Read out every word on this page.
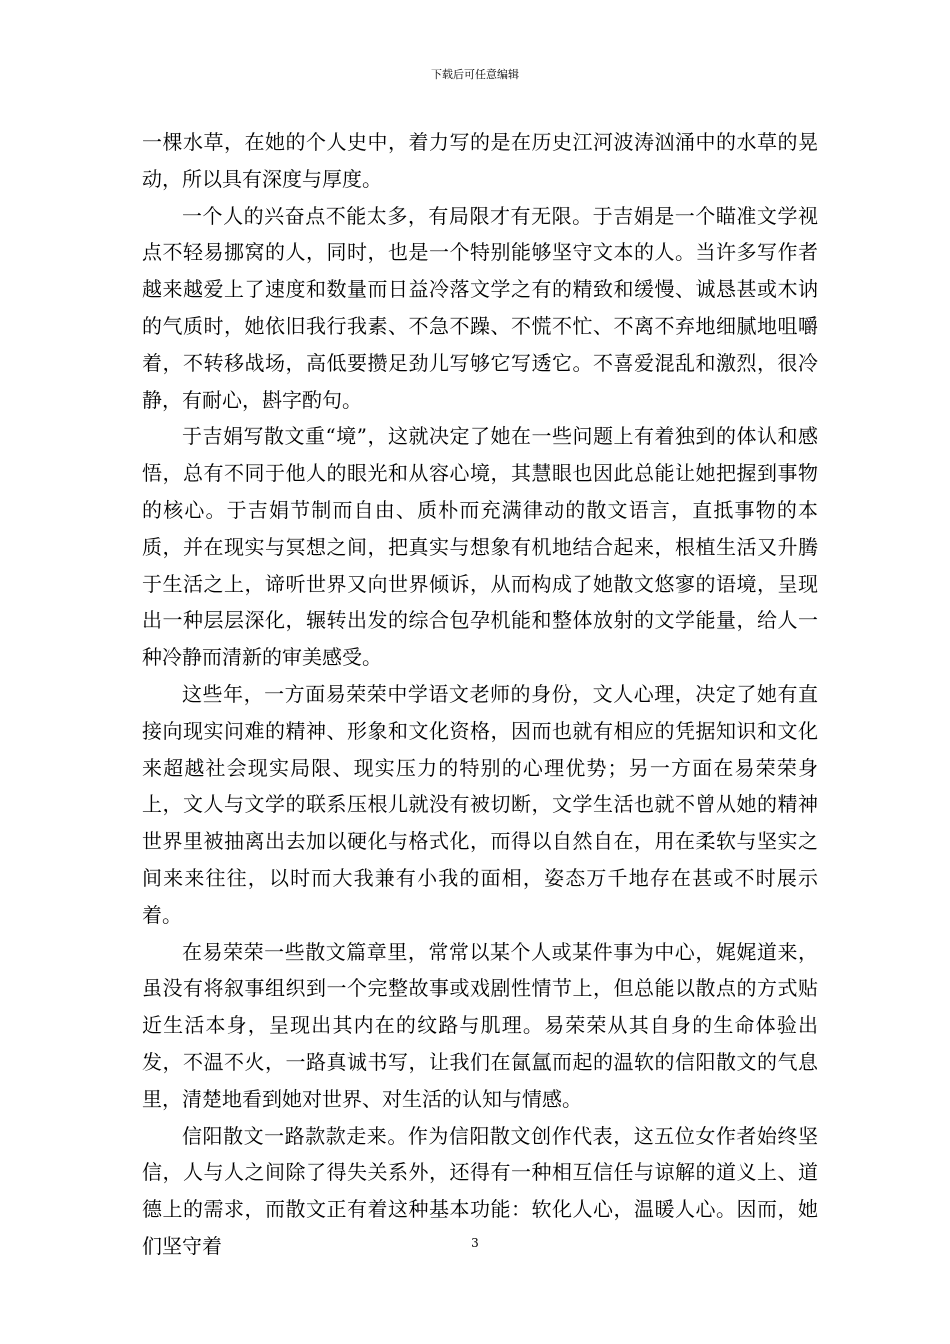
下载后可任意编辑

一棵水草，在她的个人史中，着力写的是在历史江河波涛汹涌中的水草的晃动，所以具有深度与厚度。

一个人的兴奋点不能太多，有局限才有无限。于吉娟是一个瞄准文学视点不轻易挪窝的人，同时，也是一个特别能够坚守文本的人。当许多写作者越来越爱上了速度和数量而日益冷落文学之有的精致和缓慢、诚恳甚或木讷的气质时，她依旧我行我素、不急不躁、不慌不忙、不离不弃地细腻地咀嚼着，不转移战场，高低要攒足劲儿写够它写透它。不喜爱混乱和激烈，很冷静，有耐心，斟字酌句。

于吉娟写散文重“境”，这就决定了她在一些问题上有着独到的体认和感悟，总有不同于他人的眼光和从容心境，其慧眼也因此总能让她把握到事物的核心。于吉娟节制而自由、质朴而充满律动的散文语言，直抵事物的本质，并在现实与冥想之间，把真实与想象有机地结合起来，根植生活又升腾于生活之上，谛听世界又向世界倾诉，从而构成了她散文悠寥的语境，呈现出一种层层深化，辗转出发的综合包孕机能和整体放射的文学能量，给人一种冷静而清新的审美感受。

这些年，一方面易荣荣中学语文老师的身份，文人心理，决定了她有直接向现实问难的精神、形象和文化资格，因而也就有相应的凭据知识和文化来超越社会现实局限、现实压力的特别的心理优势；另一方面在易荣荣身上，文人与文学的联系压根儿就没有被切断，文学生活也就不曾从她的精神世界里被抽离出去加以硬化与格式化，而得以自然自在，用在柔软与坚实之间来来往往，以时而大我兼有小我的面相，姿态万千地存在甚或不时展示着。

在易荣荣一些散文篇章里，常常以某个人或某件事为中心，娓娓道来，虽没有将叙事组织到一个完整故事或戏剧性情节上，但总能以散点的方式贴近生活本身，呈现出其内在的纹路与肌理。易荣荣从其自身的生命体验出发，不温不火，一路真诚书写，让我们在氤氲而起的温软的信阳散文的气息里，清楚地看到她对世界、对生活的认知与情感。

信阳散文一路款款走来。作为信阳散文创作代表，这五位女作者始终坚信，人与人之间除了得失关系外，还得有一种相互信任与谅解的道义上、道德上的需求，而散文正有着这种基本功能：软化人心，温暖人心。因而，她们坚守着	3
